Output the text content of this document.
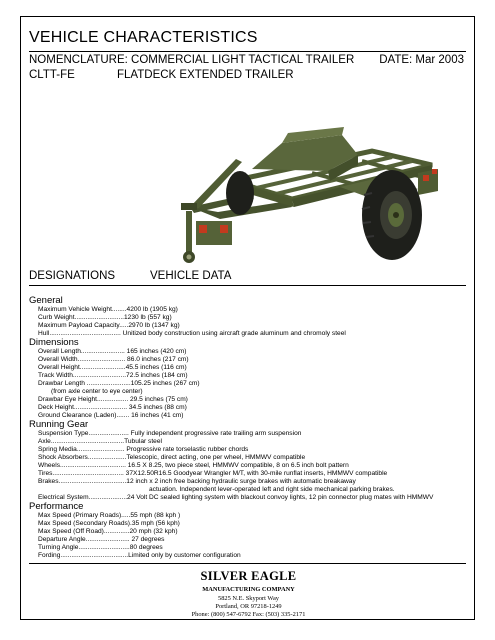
VEHICLE CHARACTERISTICS
NOMENCLATURE: COMMERCIAL LIGHT TACTICAL TRAILER DATE: Mar 2003
CLTT-FE	FLATDECK EXTENDED TRAILER
DESIGNATIONS	VEHICLE DATA
General
Maximum Vehicle Weight........4200 lb (1905 kg)
Curb Weight...........................1230 lb (557 kg)
Maximum Payload Capacity.....2970 lb (1347 kg)
Hull....................................... Unitized body construction using aircraft grade aluminum and chromoly steel
Dimensions
Overall Length........................ 165 inches (420 cm)
Overall Width.......................... 86.0 inches (217 cm)
Overall Height.........................45.5 inches (116 cm)
Track Width.............................72.5 inches (184 cm)
Drawbar Length ........................105.25 inches (267 cm)
(from axle center to eye center)
Drawbar Eye Height................. 29.5 inches (75 cm)
Deck Height............................. 34.5 inches (88 cm)
Ground Clearance (Laden)....... 16 inches (41 cm)
Running Gear
Suspension Type...................... Fully independent progressive rate trailing arm suspension
Axle........................................Tubular steel
Spring Media.......................... Progressive rate torselastic rubber chords
Shock Absorbers.....................Telescopic, direct acting, one per wheel, HMMWV compatible
Wheels.................................... 16.5 X 8.25, two piece steel, HMMWV compatible, 8 on 6.5 inch bolt pattern
Tires....................................... 37X12.50R16.5 Goodyear Wrangler M/T, with 30-mile runflat inserts, HMMWV compatible
Brakes.....................................12 inch x 2 inch free backing hydraulic surge brakes with automatic breakaway
actuation. Independent lever-operated left and right side mechanical parking brakes.
Electrical System.....................24 Volt DC sealed lighting system with blackout convoy lights, 12 pin connector plug mates with HMMWV
Performance
Max Speed (Primary Roads).....55 mph (88 kph )
Max Speed (Secondary Roads).35 mph (56 kph)
Max Speed (Off Road)..............20 mph (32 kph)
Departure Angle........................ 27 degrees
Turning Angle............................80 degrees
Fording.....................................Limited only by customer configuration
SILVER EAGLE
MANUFACTURING COMPANY
5825 N.E. Skyport Way
Portland, OR 97218-1249
Phone: (800) 547-6792 Fax: (503) 335-2171
